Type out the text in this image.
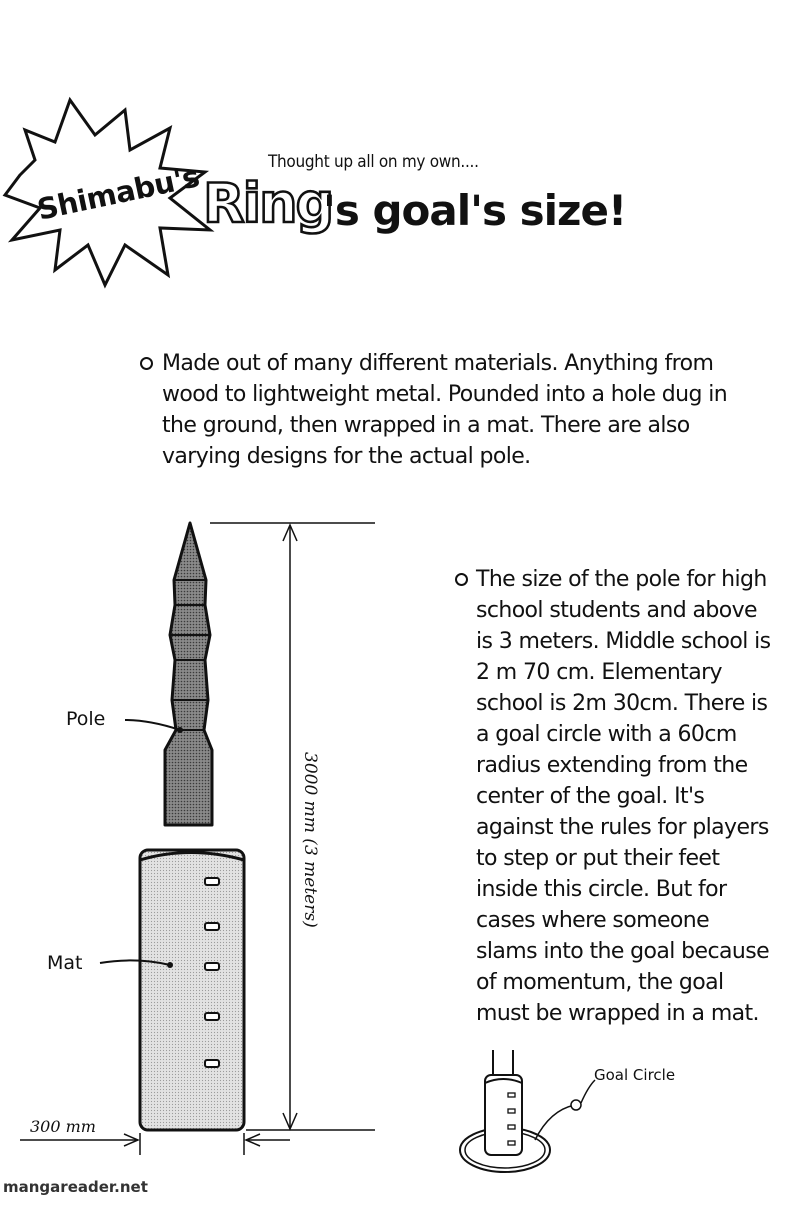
Shimabu's	Thought up all on my own....
Ring
's goal's size!
Made out of many different materials. Anything from wood to lightweight metal. Pounded into a hole dug in the ground, then wrapped in a mat. There are also varying designs for the actual pole.
The size of the pole for high school students and above is 3 meters. Middle school is 2 m 70 cm. Elementary school is 2m 30cm. There is a goal circle with a 60cm radius extending from the center of the goal. It's against the rules for players to step or put their feet inside this circle. But for cases where someone slams into the goal because of momentum, the goal must be wrapped in a mat.
Pole
Mat
3000 mm (3 meters)
300 mm
Goal Circle
mangareader.net
